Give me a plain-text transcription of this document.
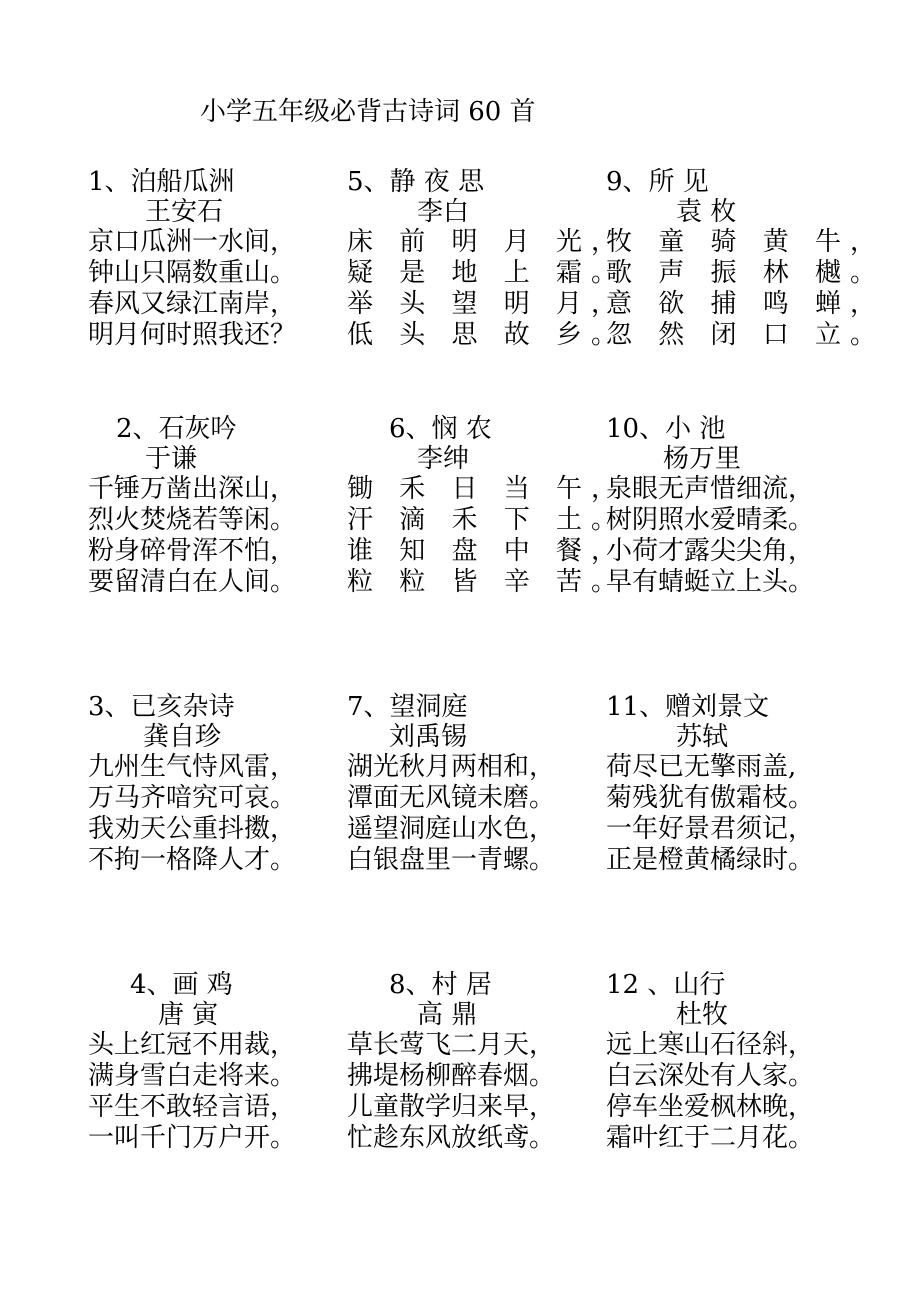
小学五年级必背古诗词 60 首
1、泊船瓜洲
王安石
京口瓜洲一水间，
钟山只隔数重山。
春风又绿江南岸，
明月何时照我还？
5、静 夜 思
李白
床 前 明 月 光，
疑 是 地 上 霜。
举 头 望 明 月，
低 头 思 故 乡。
9、所 见
袁 枚
牧 童 骑 黄 牛，
歌 声 振 林 樾。
意 欲 捕 鸣 蝉，
忽 然 闭 口 立。
2、石灰吟
于谦
千锤万凿出深山，
烈火焚烧若等闲。
粉身碎骨浑不怕，
要留清白在人间。
6、悯 农
李绅
锄 禾 日 当 午，
汗 滴 禾 下 土。
谁 知 盘 中 餐，
粒 粒 皆 辛 苦。
10、小 池
杨万里
泉眼无声惜细流，
树阴照水爱晴柔。
小荷才露尖尖角，
早有蜻蜓立上头。
3、已亥杂诗
龚自珍
九州生气恃风雷，
万马齐喑究可哀。
我劝天公重抖擞，
不拘一格降人才。
7、望洞庭
刘禹锡
湖光秋月两相和，
潭面无风镜未磨。
遥望洞庭山水色，
白银盘里一青螺。
11、赠刘景文
苏轼
荷尽已无擎雨盖,
菊残犹有傲霜枝。
一年好景君须记，
正是橙黄橘绿时。
4、画 鸡
唐 寅
头上红冠不用裁，
满身雪白走将来。
平生不敢轻言语，
一叫千门万户开。
8、村 居
高 鼎
草长莺飞二月天，
拂堤杨柳醉春烟。
儿童散学归来早，
忙趁东风放纸鸢。
12 、山行
杜牧
远上寒山石径斜，
白云深处有人家。
停车坐爱枫林晚，
霜叶红于二月花。
